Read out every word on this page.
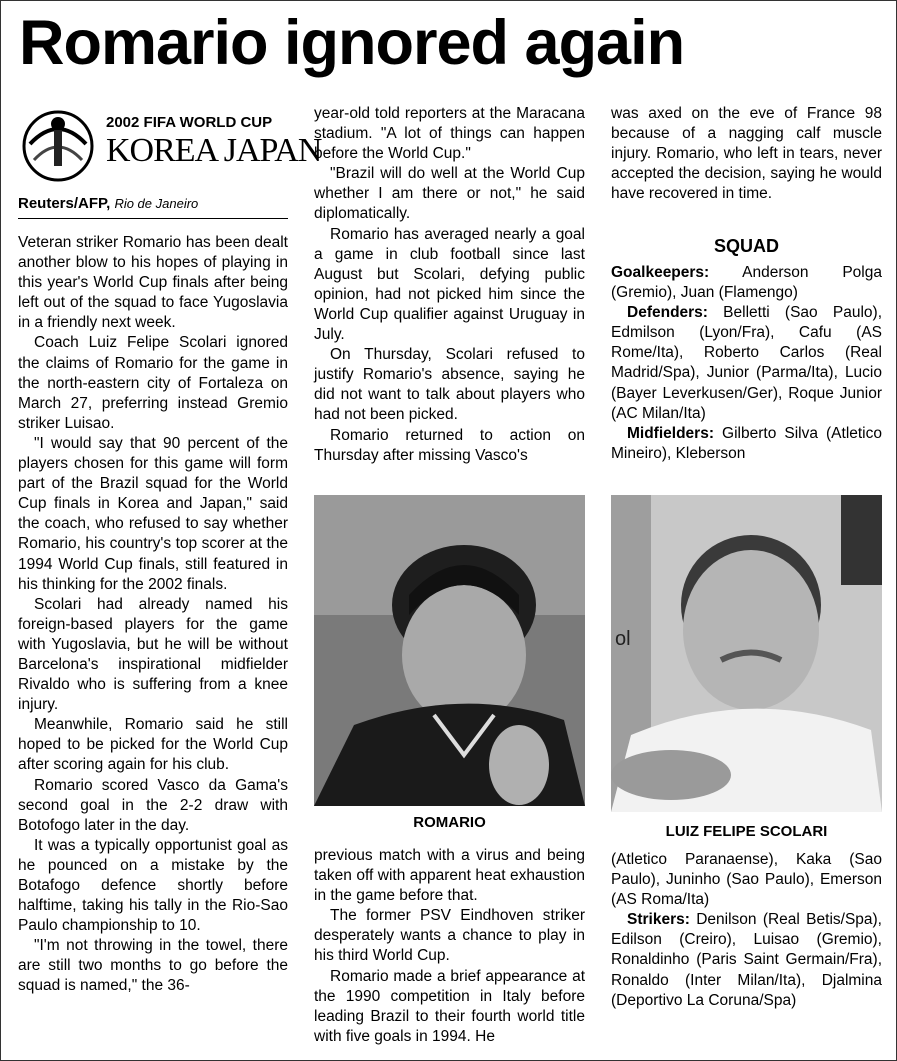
Romario ignored again
2002 FIFA WORLD CUP
KOREA JAPAN
Reuters/AFP, Rio de Janeiro

Veteran striker Romario has been dealt another blow to his hopes of playing in this year's World Cup finals after being left out of the squad to face Yugoslavia in a friendly next week.

Coach Luiz Felipe Scolari ignored the claims of Romario for the game in the north-eastern city of Fortaleza on March 27, preferring instead Gremio striker Luisao.

"I would say that 90 percent of the players chosen for this game will form part of the Brazil squad for the World Cup finals in Korea and Japan," said the coach, who refused to say whether Romario, his country's top scorer at the 1994 World Cup finals, still featured in his thinking for the 2002 finals.

Scolari had already named his foreign-based players for the game with Yugoslavia, but he will be without Barcelona's inspirational midfielder Rivaldo who is suffering from a knee injury.

Meanwhile, Romario said he still hoped to be picked for the World Cup after scoring again for his club.

Romario scored Vasco da Gama's second goal in the 2-2 draw with Botofogo later in the day.

It was a typically opportunist goal as he pounced on a mistake by the Botafogo defence shortly before halftime, taking his tally in the Rio-Sao Paulo championship to 10.

"I'm not throwing in the towel, there are still two months to go before the squad is named," the 36-

year-old told reporters at the Maracana stadium. "A lot of things can happen before the World Cup."

"Brazil will do well at the World Cup whether I am there or not," he said diplomatically.

Romario has averaged nearly a goal a game in club football since last August but Scolari, defying public opinion, had not picked him since the World Cup qualifier against Uruguay in July.

On Thursday, Scolari refused to justify Romario's absence, saying he did not want to talk about players who had not been picked.

Romario returned to action on Thursday after missing Vasco's

ROMARIO

previous match with a virus and being taken off with apparent heat exhaustion in the game before that.

The former PSV Eindhoven striker desperately wants a chance to play in his third World Cup.

Romario made a brief appearance at the 1990 competition in Italy before leading Brazil to their fourth world title with five goals in 1994. He

was axed on the eve of France 98 because of a nagging calf muscle injury. Romario, who left in tears, never accepted the decision, saying he would have recovered in time.

SQUAD

Goalkeepers: Anderson Polga (Gremio), Juan (Flamengo)

Defenders: Belletti (Sao Paulo), Edmilson (Lyon/Fra), Cafu (AS Rome/Ita), Roberto Carlos (Real Madrid/Spa), Junior (Parma/Ita), Lucio (Bayer Leverkusen/Ger), Roque Junior (AC Milan/Ita)

Midfielders: Gilberto Silva (Atletico Mineiro), Kleberson

ol
LUIZ FELIPE SCOLARI

(Atletico Paranaense), Kaka (Sao Paulo), Juninho (Sao Paulo), Emerson (AS Roma/Ita)

Strikers: Denilson (Real Betis/Spa), Edilson (Creiro), Luisao (Gremio), Ronaldinho (Paris Saint Germain/Fra), Ronaldo (Inter Milan/Ita), Djalmina (Deportivo La Coruna/Spa)
